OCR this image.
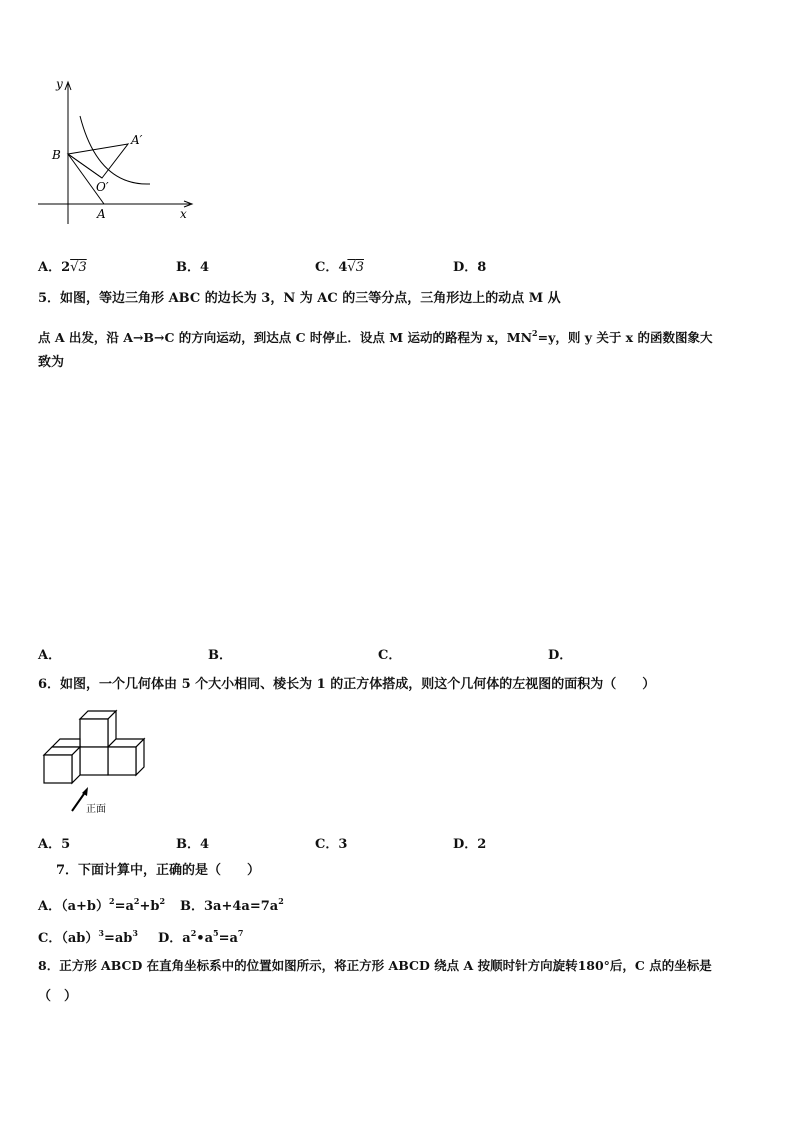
y
x
B
A
A′
O′
A．2√3	B．4	C．4√3	D．8
5．如图，等边三角形 ABC 的边长为 3，N 为 AC 的三等分点，三角形边上的动点 M 从
点 A 出发，沿 A→B→C 的方向运动，到达点 C 时停止．设点 M 运动的路程为 x，$MN^2=y$，则 y 关于 x 的函数图象大
致为
A．	B．	C．	D．
6．如图，一个几何体由 5 个大小相同、棱长为 1 的正方体搭成，则这个几何体的左视图的面积为（　　）
正面
A．5	B．4	C．3	D．2
7．下面计算中，正确的是（　　）
A．$(a+b)^2=a^2+b^2$ B．$3a+4a=7a^2$
C．$(ab)^3=ab^3$ D．$a^2•a^5=a^7$
8．正方形 ABCD 在直角坐标系中的位置如图所示，将正方形 ABCD 绕点 A 按顺时针方向旋转180°后，C 点的坐标是
（　）
